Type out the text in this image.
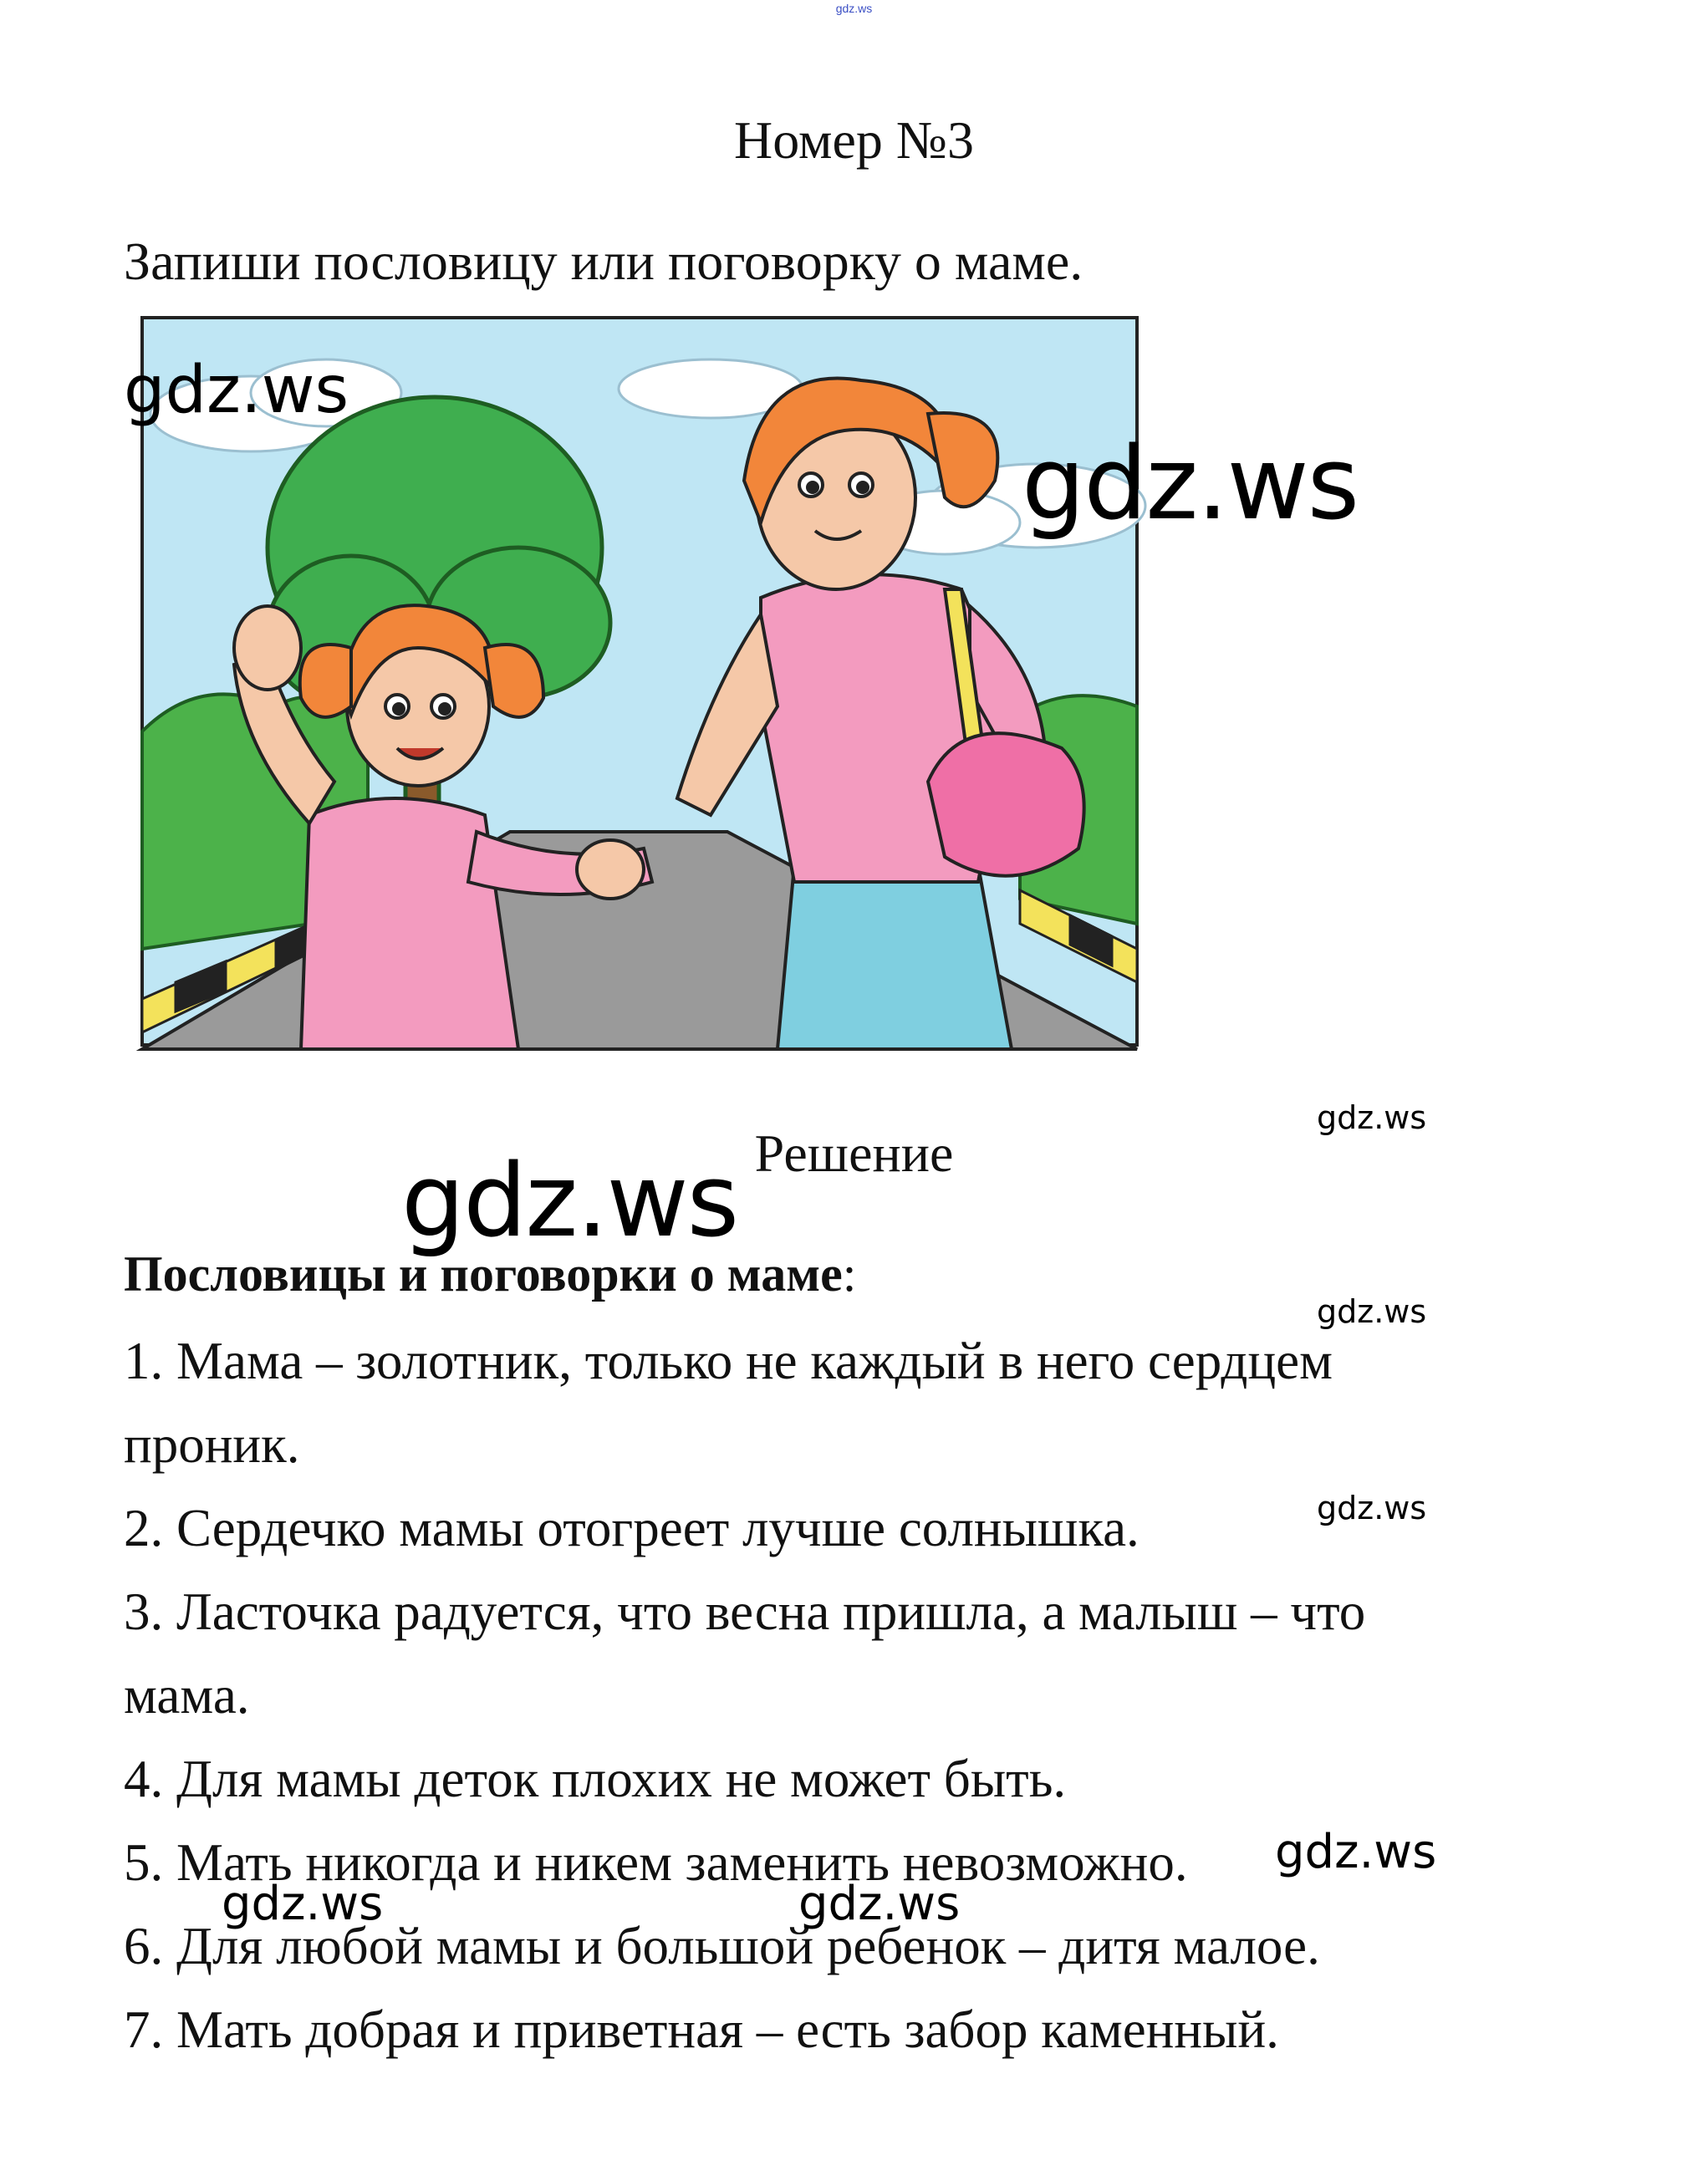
gdz.ws
Номер №3
Запиши пословицу или поговорку о маме.
Решение
Пословицы и поговорки о маме:
1. Мама – золотник, только не каждый в него сердцем проник.
2. Сердечко мамы отогреет лучше солнышка.
3. Ласточка радуется, что весна пришла, а малыш – что мама.
4. Для мамы деток плохих не может быть.
5. Мать никогда и никем заменить невозможно.
6. Для любой мамы и большой ребенок – дитя малое.
7. Мать добрая и приветная – есть забор каменный.
gdz.ws
gdz.ws
gdz.ws
gdz.ws
gdz.ws
gdz.ws
gdz.ws
gdz.ws	gdz.ws
